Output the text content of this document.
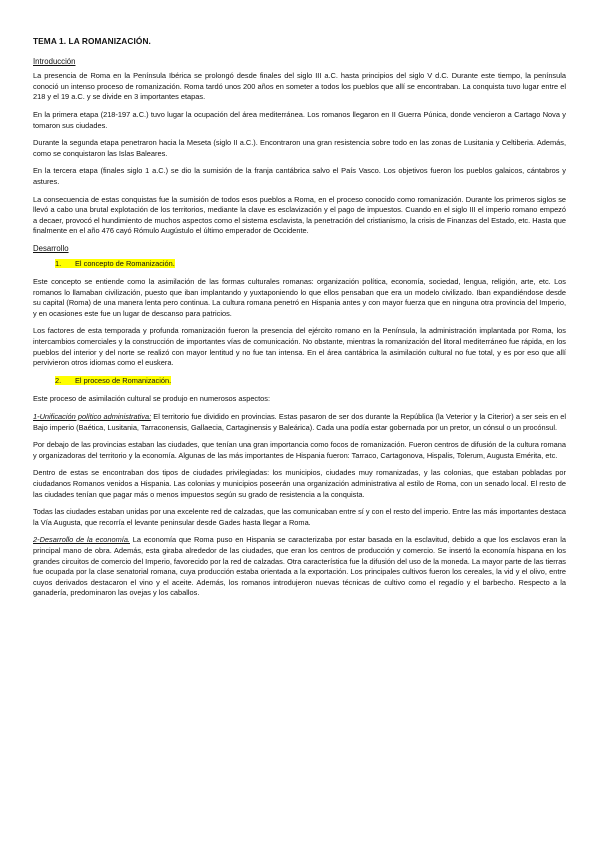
TEMA 1. LA ROMANIZACIÓN.
Introducción

La presencia de Roma en la Península Ibérica se prolongó desde finales del siglo III a.C. hasta principios del siglo V d.C. Durante este tiempo, la península conoció un intenso proceso de romanización. Roma tardó unos 200 años en someter a todos los pueblos que allí se encontraban. La conquista tuvo lugar entre el 218 y el 19 a.C. y se divide en 3 importantes etapas.

En la primera etapa (218-197 a.C.) tuvo lugar la ocupación del área mediterránea. Los romanos llegaron en II Guerra Púnica, donde vencieron a Cartago Nova y tomaron sus ciudades.

Durante la segunda etapa penetraron hacia la Meseta (siglo II a.C.). Encontraron una gran resistencia sobre todo en las zonas de Lusitania y Celtiberia. Además, como se conquistaron las Islas Baleares.

En la tercera etapa (finales siglo 1 a.C.) se dio la sumisión de la franja cantábrica salvo el País Vasco. Los objetivos fueron los pueblos galaicos, cántabros y astures.

La consecuencia de estas conquistas fue la sumisión de todos esos pueblos a Roma, en el proceso conocido como romanización. Durante los primeros siglos se llevó a cabo una brutal explotación de los territorios, mediante la clave es esclavización y el pago de impuestos. Cuando en el siglo III el imperio romano empezó a decaer, provocó el hundimiento de muchos aspectos como el sistema esclavista, la penetración del cristianismo, la crisis de Finanzas del Estado, etc. Hasta que finalmente en el año 476 cayó Rómulo Augústulo el último emperador de Occidente.

Desarrollo
1. El concepto de Romanización.

Este concepto se entiende como la asimilación de las formas culturales romanas: organización política, economía, sociedad, lengua, religión, arte, etc. Los romanos lo llamaban civilización, puesto que iban implantando y yuxtaponiendo lo que ellos pensaban que era un modelo civilizado. Iban expandiéndose desde su capital (Roma) de una manera lenta pero continua. La cultura romana penetró en Hispania antes y con mayor fuerza que en ninguna otra provincia del Imperio, y en ocasiones este fue un lugar de descanso para patricios.

Los factores de esta temporada y profunda romanización fueron la presencia del ejército romano en la Península, la administración implantada por Roma, los intercambios comerciales y la construcción de importantes vías de comunicación. No obstante, mientras la romanización del litoral mediterráneo fue rápida, en los pueblos del interior y del norte se realizó con mayor lentitud y no fue tan intensa. En el área cantábrica la asimilación cultural no fue total, y es por eso que allí pervivieron otros idiomas como el euskera.

2. El proceso de Romanización.

Este proceso de asimilación cultural se produjo en numerosos aspectos:

1-Unificación político administrativa: El territorio fue dividido en provincias. Estas pasaron de ser dos durante la República (la Veterior y la Citerior) a ser seis en el Bajo imperio (Baética, Lusitania, Tarraconensis, Gallaecia, Cartaginensis y Baleárica). Cada una podía estar gobernada por un pretor, un cónsul o un procónsul.

Por debajo de las provincias estaban las ciudades, que tenían una gran importancia como focos de romanización. Fueron centros de difusión de la cultura romana y organizadoras del territorio y la economía. Algunas de las más importantes de Hispania fueron: Tarraco, Cartagonova, Hispalis, Tolerum, Augusta Emérita, etc.

Dentro de estas se encontraban dos tipos de ciudades privilegiadas: los municipios, ciudades muy romanizadas, y las colonias, que estaban pobladas por ciudadanos Romanos venidos a Hispania. Las colonias y municipios poseerán una organización administrativa al estilo de Roma, con un senado local. El resto de las ciudades tenían que pagar más o menos impuestos según su grado de resistencia a la conquista.

Todas las ciudades estaban unidas por una excelente red de calzadas, que las comunicaban entre sí y con el resto del imperio. Entre las más importantes destaca la Vía Augusta, que recorría el levante peninsular desde Gades hasta llegar a Roma.

2-Desarrollo de la economía. La economía que Roma puso en Hispania se caracterizaba por estar basada en la esclavitud, debido a que los esclavos eran la principal mano de obra. Además, esta giraba alrededor de las ciudades, que eran los centros de producción y comercio. Se insertó la economía hispana en los grandes circuitos de comercio del Imperio, favorecido por la red de calzadas. Otra característica fue la difusión del uso de la moneda. La mayor parte de las tierras fue ocupada por la clase senatorial romana, cuya producción estaba orientada a la exportación. Los principales cultivos fueron los cereales, la vid y el olivo, entre cuyos derivados destacaron el vino y el aceite. Además, los romanos introdujeron nuevas técnicas de cultivo como el regadío y el barbecho. Respecto a la ganadería, predominaron las ovejas y los caballos.
